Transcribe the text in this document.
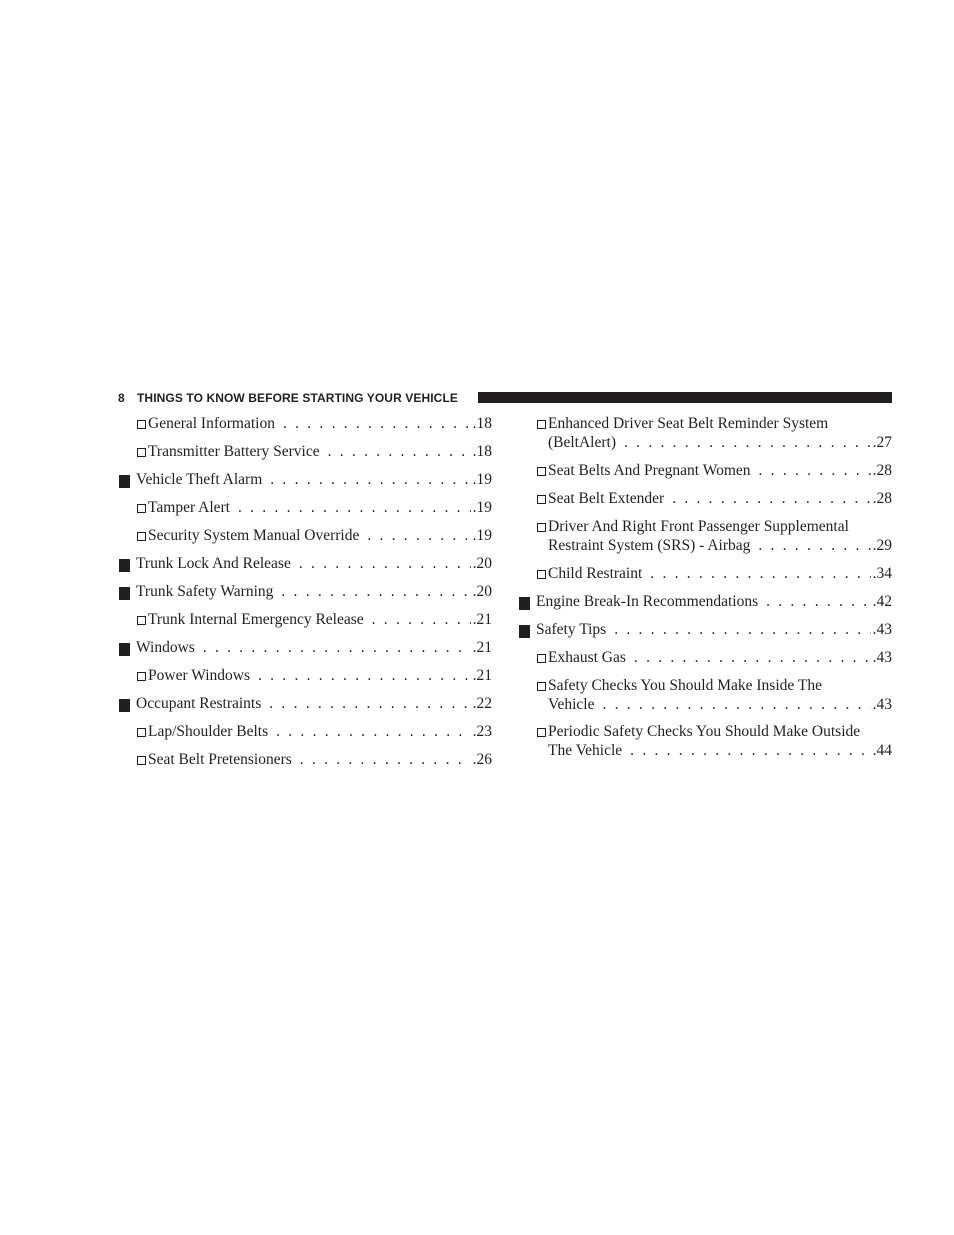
8 THINGS TO KNOW BEFORE STARTING YOUR VEHICLE
General Information . . .	.18
Transmitter Battery Service . . .	.18
Vehicle Theft Alarm . . .	.19
Tamper Alert . . .	.19
Security System Manual Override . . .	.19
Trunk Lock And Release . . .	.20
Trunk Safety Warning . . .	.20
Trunk Internal Emergency Release . . .	.21
Windows . . .	.21
Power Windows . . .	.21
Occupant Restraints . . .	.22
Lap/Shoulder Belts . . .	.23
Seat Belt Pretensioners . . .	.26
Enhanced Driver Seat Belt Reminder System
(BeltAlert) . . .	.27
Seat Belts And Pregnant Women . . .	.28
Seat Belt Extender . . .	.28
Driver And Right Front Passenger Supplemental
Restraint System (SRS) - Airbag . . .	.29
Child Restraint . . .	.34
Engine Break-In Recommendations . . .	.42
Safety Tips . . .	.43
Exhaust Gas . . .	.43
Safety Checks You Should Make Inside The
Vehicle . . .	.43
Periodic Safety Checks You Should Make Outside
The Vehicle . . .	.44
